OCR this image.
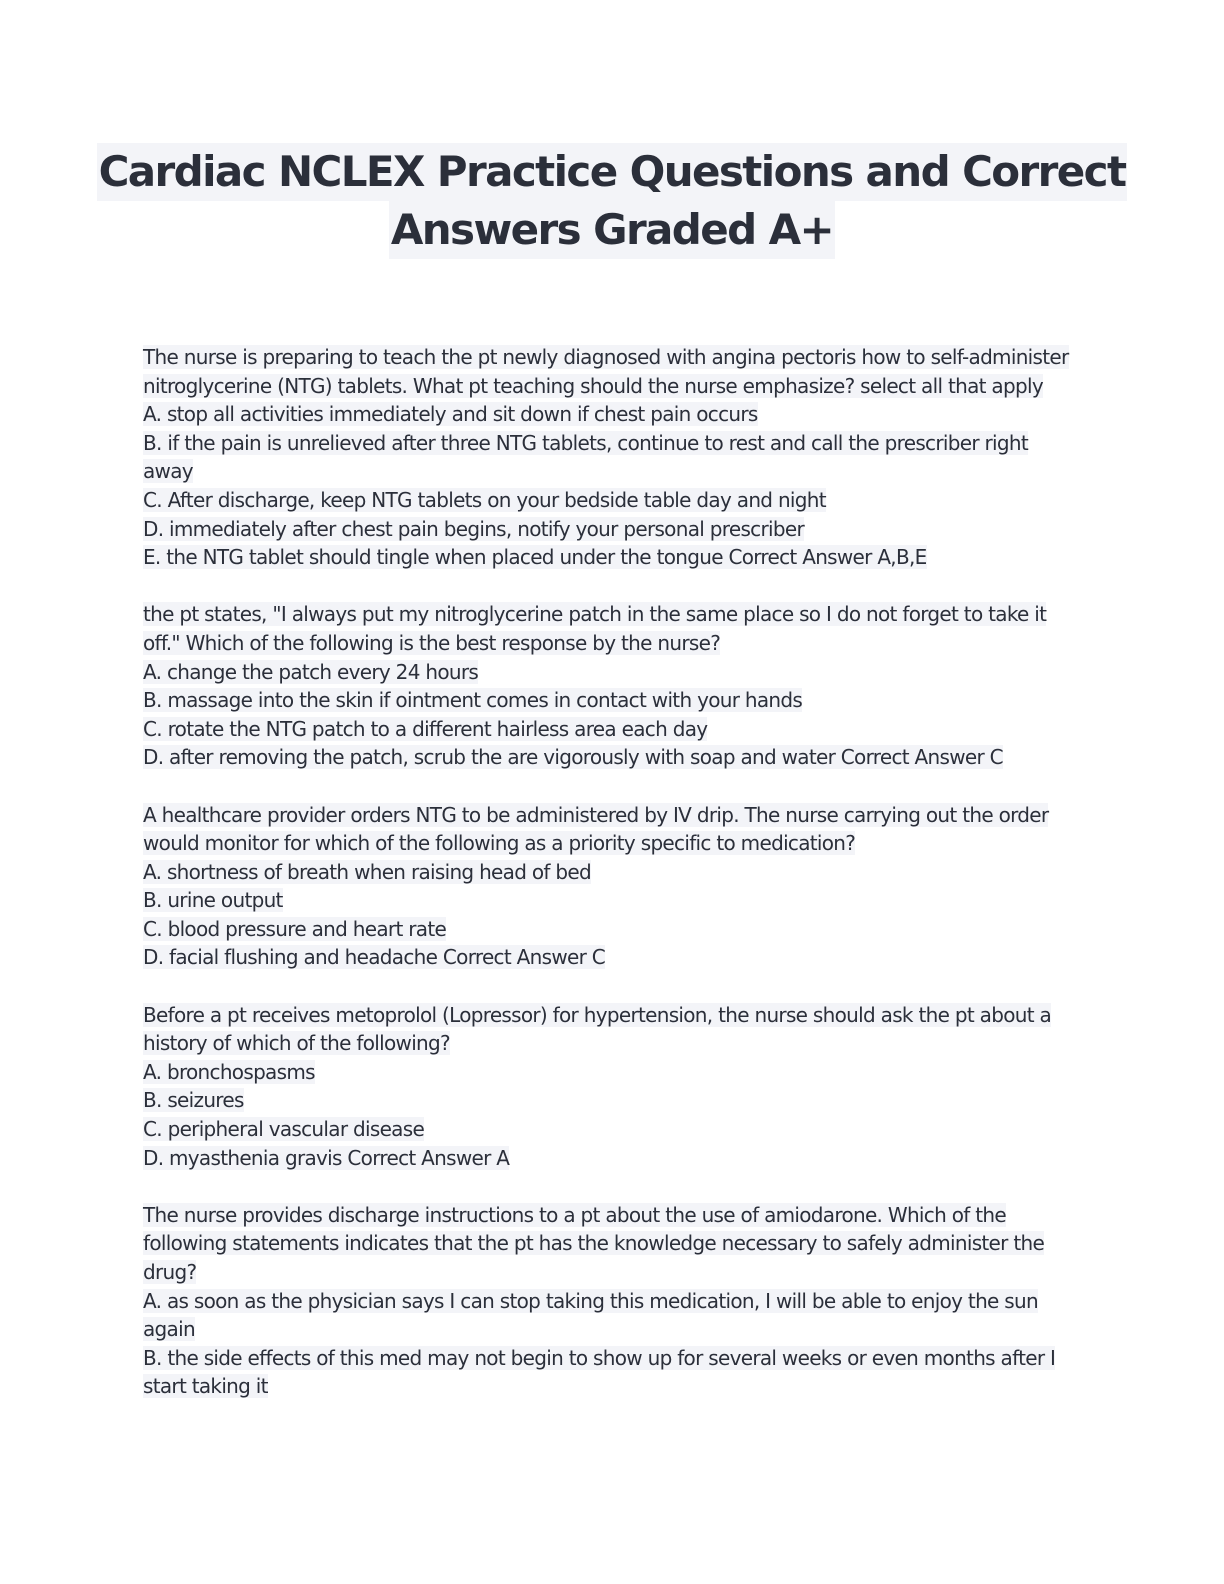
Cardiac NCLEX Practice Questions and Correct
Answers Graded A+
The nurse is preparing to teach the pt newly diagnosed with angina pectoris how to self-administer
nitroglycerine (NTG) tablets. What pt teaching should the nurse emphasize? select all that apply
A. stop all activities immediately and sit down if chest pain occurs
B. if the pain is unrelieved after three NTG tablets, continue to rest and call the prescriber right
away
C. After discharge, keep NTG tablets on your bedside table day and night
D. immediately after chest pain begins, notify your personal prescriber
E. the NTG tablet should tingle when placed under the tongue Correct Answer A,B,E
the pt states, "I always put my nitroglycerine patch in the same place so I do not forget to take it
off." Which of the following is the best response by the nurse?
A. change the patch every 24 hours
B. massage into the skin if ointment comes in contact with your hands
C. rotate the NTG patch to a different hairless area each day
D. after removing the patch, scrub the are vigorously with soap and water Correct Answer C
A healthcare provider orders NTG to be administered by IV drip. The nurse carrying out the order
would monitor for which of the following as a priority specific to medication?
A. shortness of breath when raising head of bed
B. urine output
C. blood pressure and heart rate
D. facial flushing and headache Correct Answer C
Before a pt receives metoprolol (Lopressor) for hypertension, the nurse should ask the pt about a
history of which of the following?
A. bronchospasms
B. seizures
C. peripheral vascular disease
D. myasthenia gravis Correct Answer A
The nurse provides discharge instructions to a pt about the use of amiodarone. Which of the
following statements indicates that the pt has the knowledge necessary to safely administer the
drug?
A. as soon as the physician says I can stop taking this medication, I will be able to enjoy the sun
again
B. the side effects of this med may not begin to show up for several weeks or even months after I
start taking it
